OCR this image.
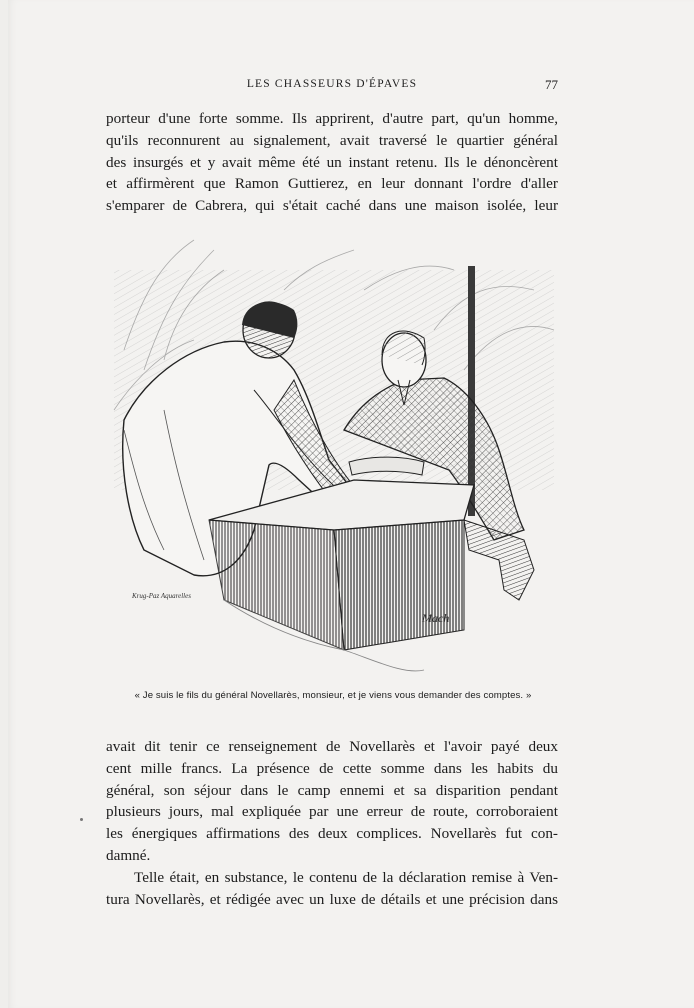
LES CHASSEURS D'ÉPAVES	77
porteur d'une forte somme. Ils apprirent, d'autre part, qu'un homme,
qu'ils reconnurent au signalement, avait traversé le quartier général
des insurgés et y avait même été un instant retenu. Ils le dénoncèrent
et affirmèrent que Ramon Guttierez, en leur donnant l'ordre d'aller
s'emparer de Cabrera, qui s'était caché dans une maison isolée, leur
Krug-Paz Aquarelles
Mach
« Je suis le fils du général Novellarès, monsieur, et je viens vous demander des comptes. »
avait dit tenir ce renseignement de Novellarès et l'avoir payé deux
cent mille francs. La présence de cette somme dans les habits du
général, son séjour dans le camp ennemi et sa disparition pendant
plusieurs jours, mal expliquée par une erreur de route, corroboraient
les énergiques affirmations des deux complices. Novellarès fut con-
damné.
Telle était, en substance, le contenu de la déclaration remise à Ven-
tura Novellarès, et rédigée avec un luxe de détails et une précision dans
